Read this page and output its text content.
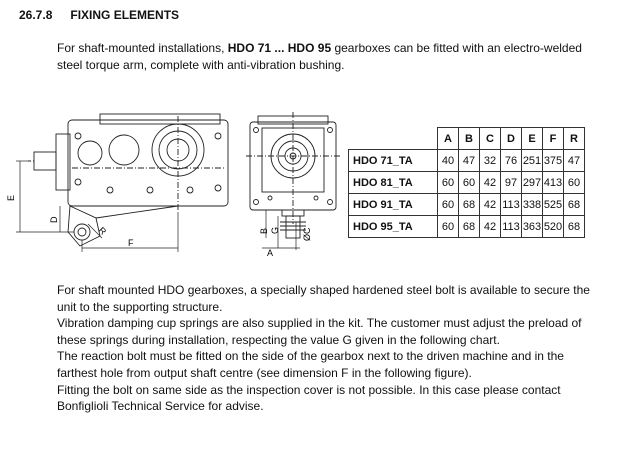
26.7.8 FIXING ELEMENTS
For shaft-mounted installations, HDO 71 ... HDO 95 gearboxes can be fitted with an electro-welded steel torque arm, complete with anti-vibration bushing.
E
D
R
F
B G ØC
A
	A	B	C	D	E	F	R
HDO 71_TA	40	47	32	76	251	375	47
HDO 81_TA	60	60	42	97	297	413	60
HDO 91_TA	60	68	42	113	338	525	68
HDO 95_TA	60	68	42	113	363	520	68

For shaft mounted HDO gearboxes, a specially shaped hardened steel bolt is available to secure the unit to the supporting structure.

Vibration damping cup springs are also supplied in the kit. The customer must adjust the preload of these springs during installation, respecting the value G given in the following chart.

The reaction bolt must be fitted on the side of the gearbox next to the driven machine and in the farthest hole from output shaft centre (see dimension F in the following figure).

Fitting the bolt on same side as the inspection cover is not possible. In this case please contact Bonfiglioli Technical Service for advise.
